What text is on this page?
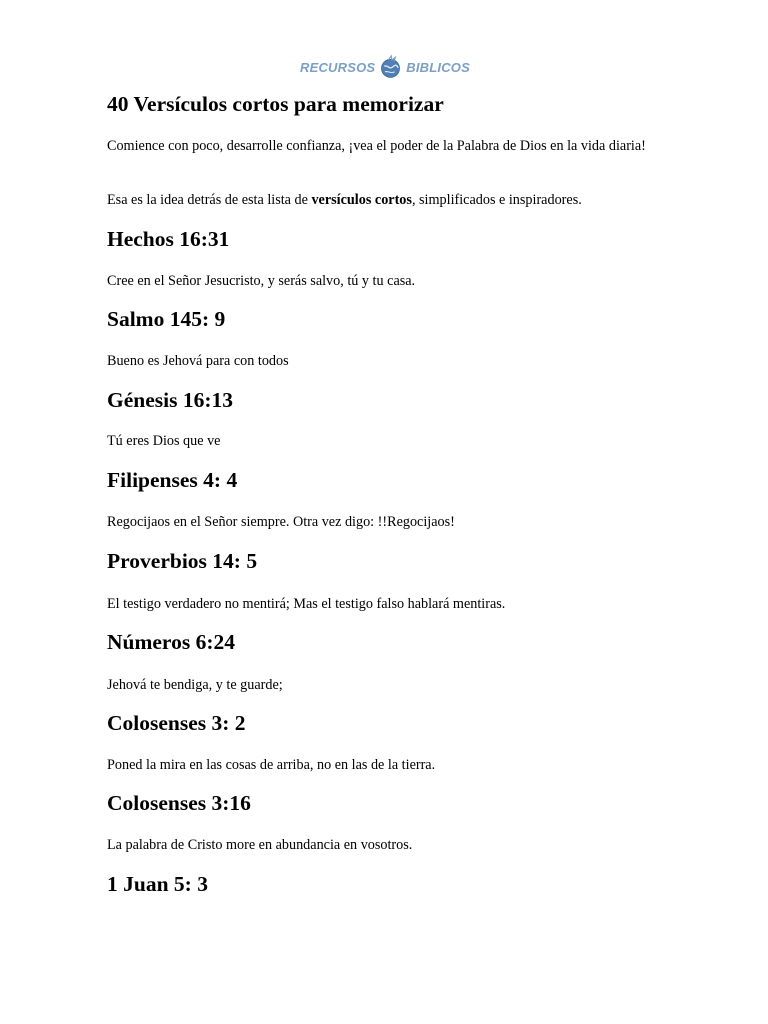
RECURSOS BIBLICOS
40 Versículos cortos para memorizar

Comience con poco, desarrolle confianza, ¡vea el poder de la Palabra de Dios en la vida diaria!

Esa es la idea detrás de esta lista de versículos cortos, simplificados e inspiradores.

Hechos 16:31

Cree en el Señor Jesucristo, y serás salvo, tú y tu casa.

Salmo 145: 9

Bueno es Jehová para con todos

Génesis 16:13

Tú eres Dios que ve

Filipenses 4: 4

Regocijaos en el Señor siempre. Otra vez digo: !!Regocijaos!

Proverbios 14: 5

El testigo verdadero no mentirá; Mas el testigo falso hablará mentiras.

Números 6:24

Jehová te bendiga, y te guarde;

Colosenses 3: 2

Poned la mira en las cosas de arriba, no en las de la tierra.

Colosenses 3:16

La palabra de Cristo more en abundancia en vosotros.

1 Juan 5: 3
